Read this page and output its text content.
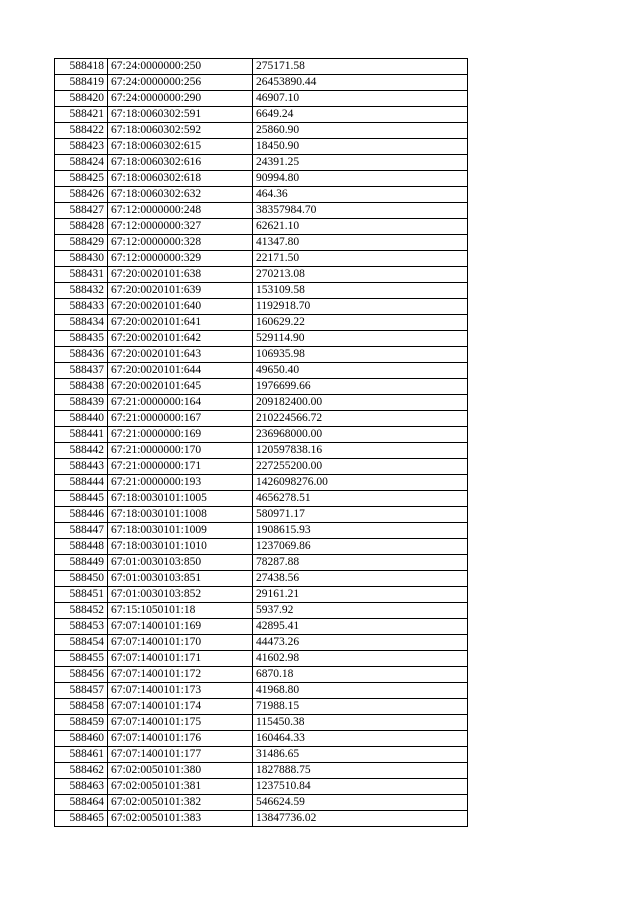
588418	67:24:0000000:250	275171.58
588419	67:24:0000000:256	26453890.44
588420	67:24:0000000:290	46907.10
588421	67:18:0060302:591	6649.24
588422	67:18:0060302:592	25860.90
588423	67:18:0060302:615	18450.90
588424	67:18:0060302:616	24391.25
588425	67:18:0060302:618	90994.80
588426	67:18:0060302:632	464.36
588427	67:12:0000000:248	38357984.70
588428	67:12:0000000:327	62621.10
588429	67:12:0000000:328	41347.80
588430	67:12:0000000:329	22171.50
588431	67:20:0020101:638	270213.08
588432	67:20:0020101:639	153109.58
588433	67:20:0020101:640	1192918.70
588434	67:20:0020101:641	160629.22
588435	67:20:0020101:642	529114.90
588436	67:20:0020101:643	106935.98
588437	67:20:0020101:644	49650.40
588438	67:20:0020101:645	1976699.66
588439	67:21:0000000:164	209182400.00
588440	67:21:0000000:167	210224566.72
588441	67:21:0000000:169	236968000.00
588442	67:21:0000000:170	120597838.16
588443	67:21:0000000:171	227255200.00
588444	67:21:0000000:193	1426098276.00
588445	67:18:0030101:1005	4656278.51
588446	67:18:0030101:1008	580971.17
588447	67:18:0030101:1009	1908615.93
588448	67:18:0030101:1010	1237069.86
588449	67:01:0030103:850	78287.88
588450	67:01:0030103:851	27438.56
588451	67:01:0030103:852	29161.21
588452	67:15:1050101:18	5937.92
588453	67:07:1400101:169	42895.41
588454	67:07:1400101:170	44473.26
588455	67:07:1400101:171	41602.98
588456	67:07:1400101:172	6870.18
588457	67:07:1400101:173	41968.80
588458	67:07:1400101:174	71988.15
588459	67:07:1400101:175	115450.38
588460	67:07:1400101:176	160464.33
588461	67:07:1400101:177	31486.65
588462	67:02:0050101:380	1827888.75
588463	67:02:0050101:381	1237510.84
588464	67:02:0050101:382	546624.59
588465	67:02:0050101:383	13847736.02
